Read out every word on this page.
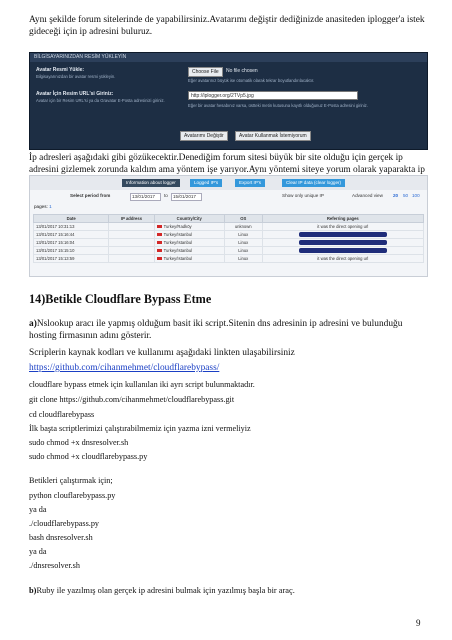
Aynı şekilde forum sitelerinde de yapabilirsiniz.Avatarımı değiştir dediğinizde anasiteden iplogger'a istek gideceği için ip adresini buluruz.

BİLGİSAYARINIZDAN RESİM YÜKLEYİN
Avatar Resmi Yükle:
Bilgisayarınızdan bir avatar resmi yükleyin.
Choose File	No file chosen
Eğer avatarınız büyük ise otomatik olarak tekrar boyutlandırılacaktır.
Avatar İçin Resim URL'si Giriniz:
Avatar için bir Resim URL'si ya da Gravatar E-Posta adresinizi giriniz.
http://iplogger.org/2TVp5.jpg
Eğer bir avatar hesabınız varsa, üstteki metin kutusuna kayıtlı olduğunuz E-Posta adresini giriniz.
Avatarımı Değiştir	Avatar Kullanmak İstemiyorum

İp adresleri aşağıdaki gibi gözükecektir.Denediğim forum sitesi büyük bir site olduğu için gerçek ip adresini gizlemek zorunda kaldım ama yöntem işe yarıyor.Aynı yöntemi siteye yorum olarak yaparakta ip

Information about logger	Logged IP's	Export IP's	Clear IP data (clear logger)
Select period from	13/01/2017	to	15/01/2017	Show only unique IP	Advanced view 20 50 100
pages: 1
Date	IP address	Country/City	OS	Referring pages
13/01/2017 10:31:13		Turkey/Radköy	unknown	it was the direct opening url
13/01/2017 15:16:44		Turkey/Istanbul	Linux	
13/01/2017 15:16:04		Turkey/Istanbul	Linux	
13/01/2017 15:15:10		Turkey/Istanbul	Linux	
13/01/2017 15:13:59		Turkey/Istanbul	Linux	it was the direct opening url
14)Betikle Cloudflare Bypass Etme

a)Nslookup aracı ile yapmış olduğum basit iki script.Sitenin dns adresinin ip adresini ve bulunduğu hosting firmasının adını gösterir.

Scriplerin kaynak kodları ve kullanımı aşağıdaki linkten ulaşabilirsiniz

https://github.com/cihanmehmet/cloudflarebypass/

cloudflare bypass etmek için kullanılan iki ayrı script bulunmaktadır.
git clone https://github.com/cihanmehmet/cloudflarebypass.git
cd cloudflarebypass
İlk başta scriptlerimizi çalıştırabilmemiz için yazma izni vermeliyiz
sudo chmod +x dnsresolver.sh
sudo chmod +x cloudflarebypass.py
Betikleri çalıştırmak için;
python clouflarebypass.py
ya da
./cloudflarebypass.py
bash dnsresolver.sh
ya da
./dnsresolver.sh

b)Ruby ile yazılmış olan gerçek ip adresini bulmak için yazılmış başla bir araç.

9
